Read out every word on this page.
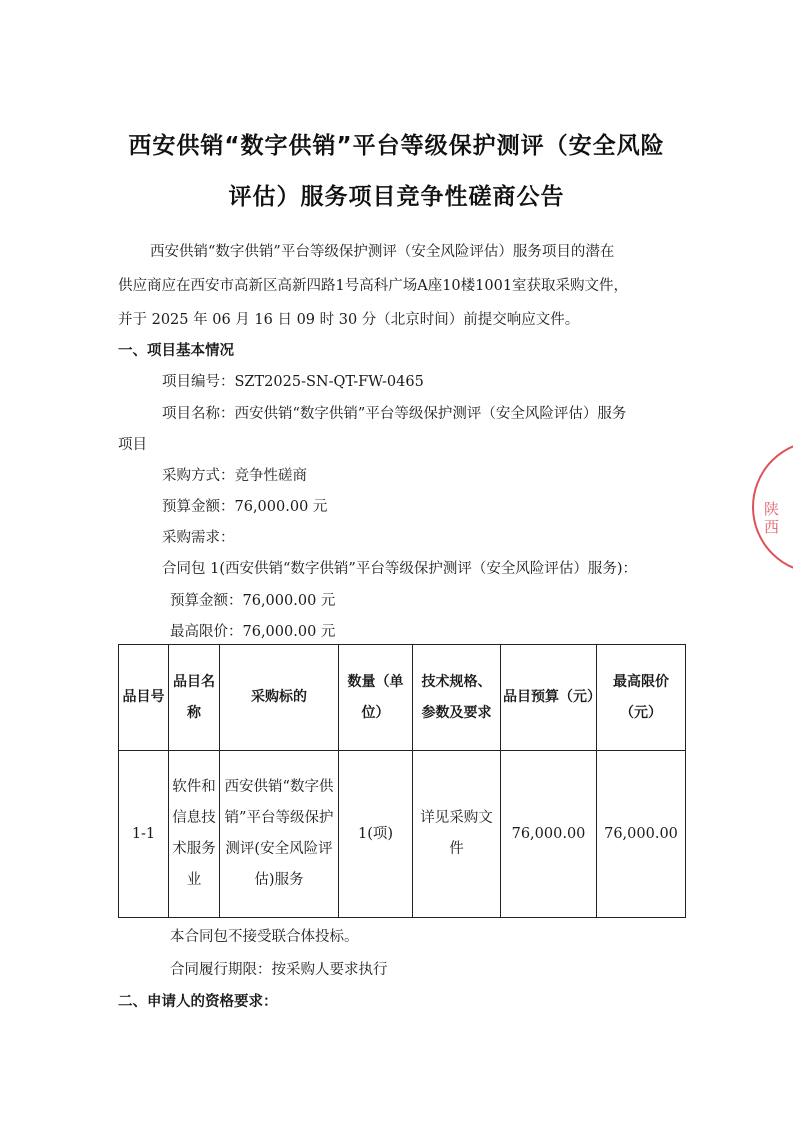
西安供销“数字供销”平台等级保护测评（安全风险
评估）服务项目竞争性磋商公告
西安供销“数字供销”平台等级保护测评（安全风险评估）服务项目的潜在
供应商应在西安市高新区高新四路1号高科广场A座10楼1001室获取采购文件，
并于 2025 年 06 月 16 日 09 时 30 分（北京时间）前提交响应文件。
一、项目基本情况
项目编号：SZT2025-SN-QT-FW-0465
项目名称：西安供销“数字供销”平台等级保护测评（安全风险评估）服务
项目
采购方式：竞争性磋商
预算金额：76,000.00 元
采购需求：
合同包 1(西安供销“数字供销”平台等级保护测评（安全风险评估）服务)：
预算金额：76,000.00 元
最高限价：76,000.00 元
品目号	品目名称	采购标的	数量（单位）	技术规格、参数及要求	品目预算（元）	最高限价（元）
1-1	软件和信息技术服务业	西安供销“数字供销”平台等级保护测评(安全风险评估)服务	1(项)	详见采购文件	76,000.00	76,000.00
本合同包不接受联合体投标。
合同履行期限：按采购人要求执行
二、申请人的资格要求：
陕西
